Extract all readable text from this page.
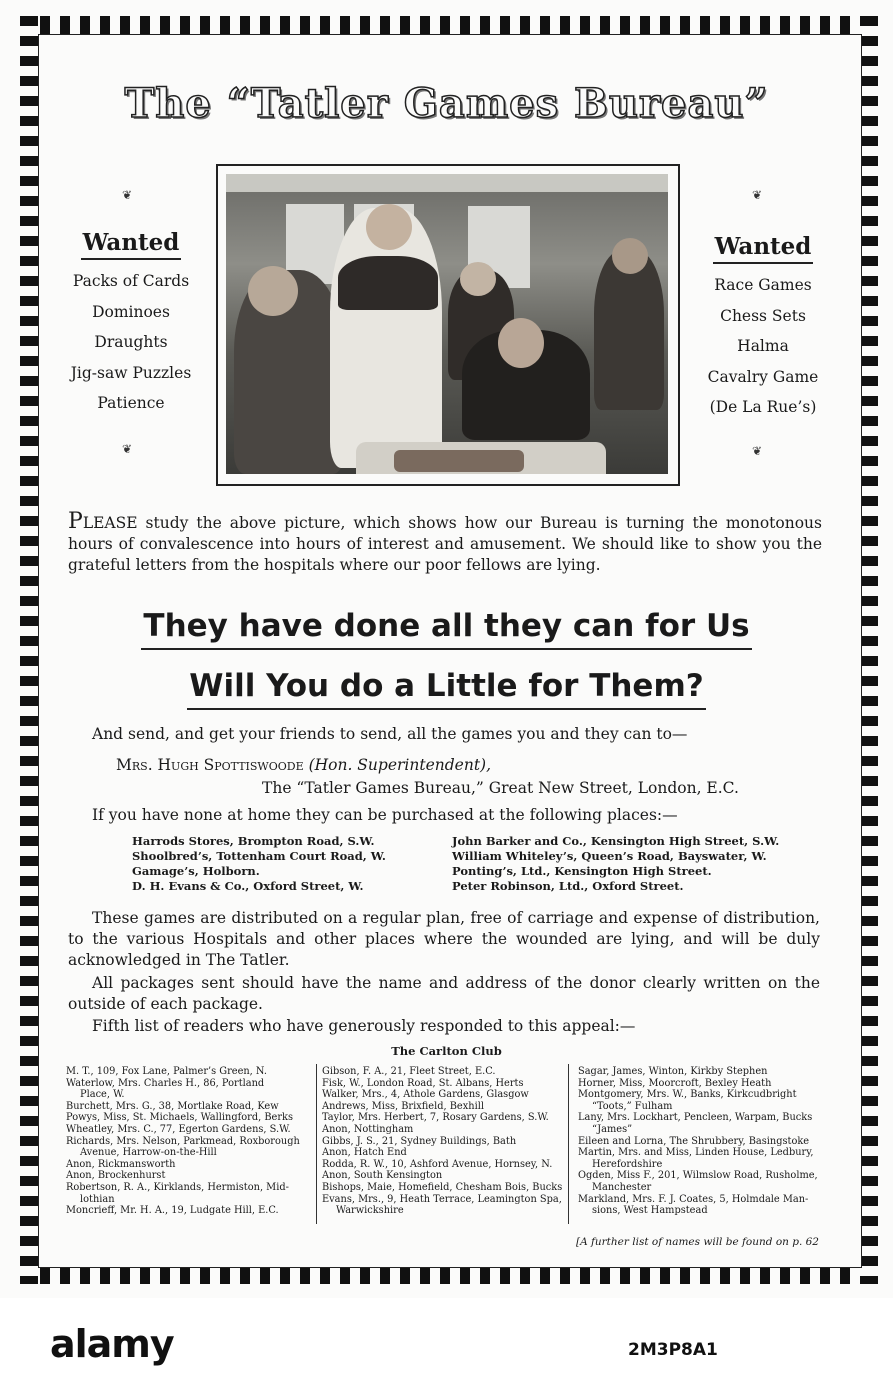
The “Tatler Games Bureau”
❦
❦
❦
❦
Wanted
Packs of Cards
Dominoes
Draughts
Jig-saw Puzzles
Patience
Wanted
Race Games
Chess Sets
Halma
Cavalry Game
(De La Rue’s)
PLEASE study the above picture, which shows how our Bureau is turning the monotonous hours of convalescence into hours of interest and amusement. We should like to show you the grateful letters from the hospitals where our poor fellows are lying.
They have done all they can for Us
Will You do a Little for Them?
And send, and get your friends to send, all the games you and they can to—
Mrs. Hugh Spottiswoode (Hon. Superintendent),
The “Tatler Games Bureau,” Great New Street, London, E.C.
If you have none at home they can be purchased at the following places:—
Harrods Stores, Brompton Road, S.W.
Shoolbred’s, Tottenham Court Road, W.
Gamage’s, Holborn.
D. H. Evans & Co., Oxford Street, W.
John Barker and Co., Kensington High Street, S.W.
William Whiteley’s, Queen’s Road, Bayswater, W.
Ponting’s, Ltd., Kensington High Street.
Peter Robinson, Ltd., Oxford Street.
These games are distributed on a regular plan, free of carriage and expense of distribution, to the various Hospitals and other places where the wounded are lying, and will be duly acknowledged in The Tatler.
All packages sent should have the name and address of the donor clearly written on the outside of each package.
Fifth list of readers who have generously responded to this appeal:—
The Carlton Club
M. T., 109, Fox Lane, Palmer’s Green, N.
Waterlow, Mrs. Charles H., 86, Portland
Place, W.
Burchett, Mrs. G., 38, Mortlake Road, Kew
Powys, Miss, St. Michaels, Wallingford, Berks
Wheatley, Mrs. C., 77, Egerton Gardens, S.W.
Richards, Mrs. Nelson, Parkmead, Roxborough
Avenue, Harrow-on-the-Hill
Anon, Rickmansworth
Anon, Brockenhurst
Robertson, R. A., Kirklands, Hermiston, Mid-
lothian
Moncrieff, Mr. H. A., 19, Ludgate Hill, E.C.
Gibson, F. A., 21, Fleet Street, E.C.
Fisk, W., London Road, St. Albans, Herts
Walker, Mrs., 4, Athole Gardens, Glasgow
Andrews, Miss, Brixfield, Bexhill
Taylor, Mrs. Herbert, 7, Rosary Gardens, S.W.
Anon, Nottingham
Gibbs, J. S., 21, Sydney Buildings, Bath
Anon, Hatch End
Rodda, R. W., 10, Ashford Avenue, Hornsey, N.
Anon, South Kensington
Bishops, Maie, Homefield, Chesham Bois, Bucks
Evans, Mrs., 9, Heath Terrace, Leamington Spa,
Warwickshire
Sagar, James, Winton, Kirkby Stephen
Horner, Miss, Moorcroft, Bexley Heath
Montgomery, Mrs. W., Banks, Kirkcudbright
“Toots,” Fulham
Lany, Mrs. Lockhart, Pencleen, Warpam, Bucks
“James”
Eileen and Lorna, The Shrubbery, Basingstoke
Martin, Mrs. and Miss, Linden House, Ledbury,
Herefordshire
Ogden, Miss F., 201, Wilmslow Road, Rusholme,
Manchester
Markland, Mrs. F. J. Coates, 5, Holmdale Man-
sions, West Hampstead
[A further list of names will be found on p. 62
alamy	2M3P8A1
